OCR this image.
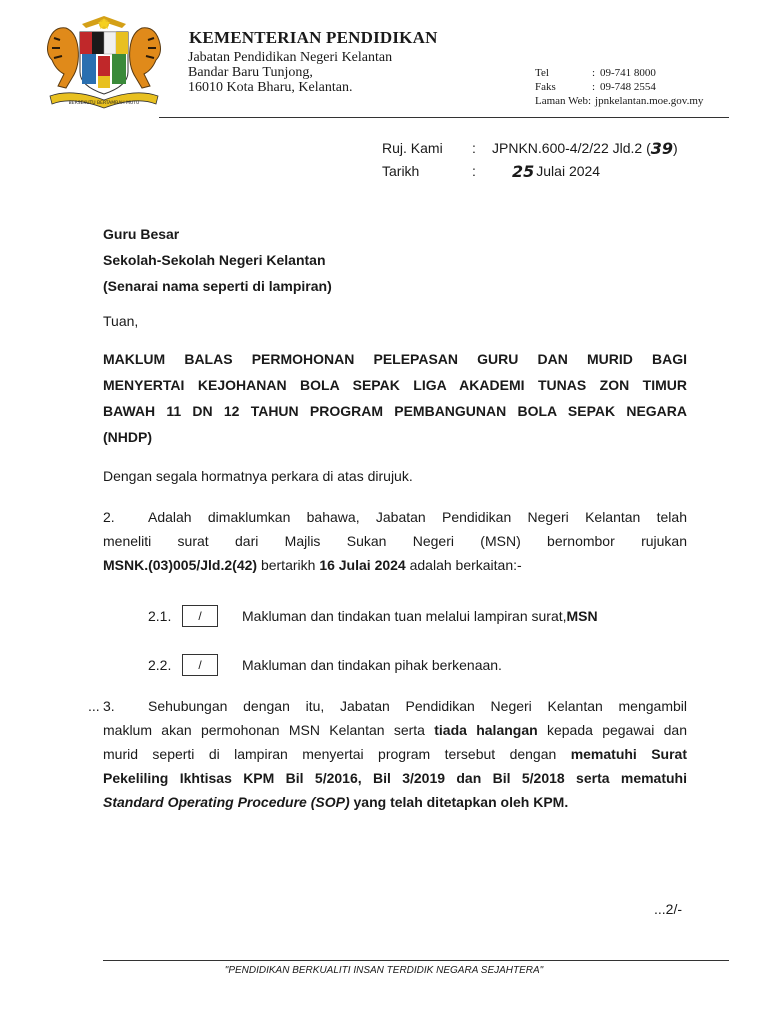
BERSEKUTU BERTAMBAH MUTU
KEMENTERIAN PENDIDIKAN
Jabatan Pendidikan Negeri Kelantan
Bandar Baru Tunjong,
16010 Kota Bharu, Kelantan.
Tel	: 09-741 8000
Faks	: 09-748 2554
Laman Web : jpnkelantan.moe.gov.my
Ruj. Kami	:	JPNKN.600-4/2/22 Jld.2 ( 39 )
Tarikh	:	25 Julai 2024
Guru Besar
Sekolah-Sekolah Negeri Kelantan
(Senarai nama seperti di lampiran)
Tuan,
MAKLUM BALAS PERMOHONAN PELEPASAN GURU DAN MURID BAGI
MENYERTAI KEJOHANAN BOLA SEPAK LIGA AKADEMI TUNAS ZON TIMUR
BAWAH 11 DN 12 TAHUN PROGRAM PEMBANGUNAN BOLA SEPAK NEGARA
(NHDP)
Dengan segala hormatnya perkara di atas dirujuk.
2. Adalah dimaklumkan bahawa, Jabatan Pendidikan Negeri Kelantan telah
meneliti surat dari Majlis Sukan Negeri (MSN) bernombor rujukan
MSNK.(03)005/Jld.2(42) bertarikh 16 Julai 2024 adalah berkaitan:-
2.1.	/	Makluman dan tindakan tuan melalui lampiran surat, MSN
2.2.	/	Makluman dan tindakan pihak berkenaan.
... 3. Sehubungan dengan itu, Jabatan Pendidikan Negeri Kelantan mengambil
maklum akan permohonan MSN Kelantan serta tiada halangan kepada pegawai dan
murid seperti di lampiran menyertai program tersebut dengan mematuhi Surat
Pekeliling Ikhtisas KPM Bil 5/2016, Bil 3/2019 dan Bil 5/2018 serta mematuhi
Standard Operating Procedure (SOP) yang telah ditetapkan oleh KPM.
...2/-
"PENDIDIKAN BERKUALITI INSAN TERDIDIK NEGARA SEJAHTERA"
